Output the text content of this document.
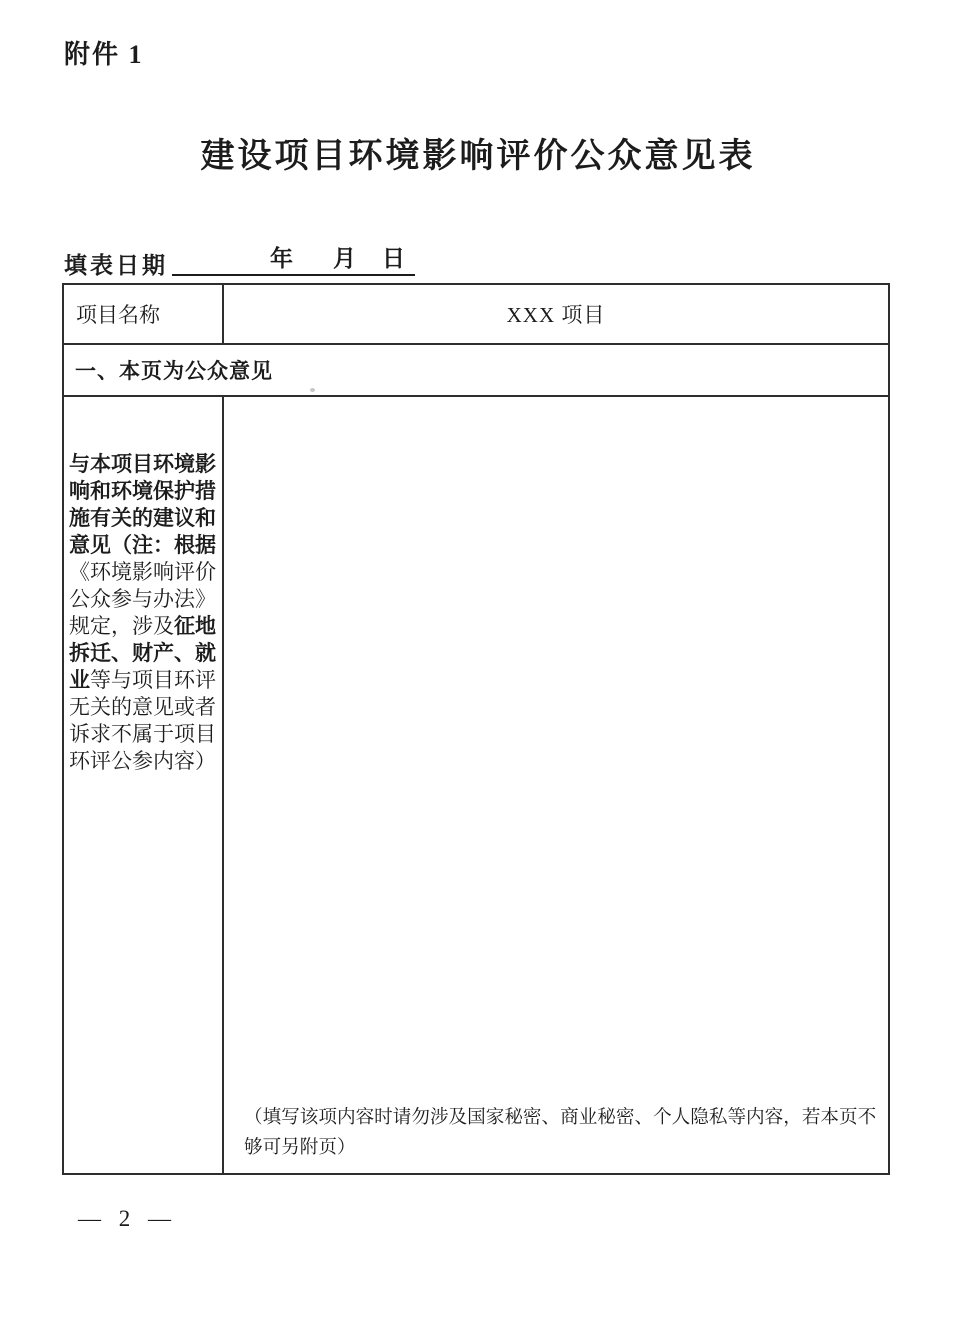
附件 1
建设项目环境影响评价公众意见表
填表日期	年 月 日
项目名称	XXX 项目
一、本页为公众意见

与本项目环境影响和环境保护措施有关的建议和意见（注：根据《环境影响评价公众参与办法》规定，涉及征地拆迁、财产、就业等与项目环评无关的意见或者诉求不属于项目环评公参内容）

（填写该项内容时请勿涉及国家秘密、商业秘密、个人隐私等内容，若本页不够可另附页）

— 2 —
